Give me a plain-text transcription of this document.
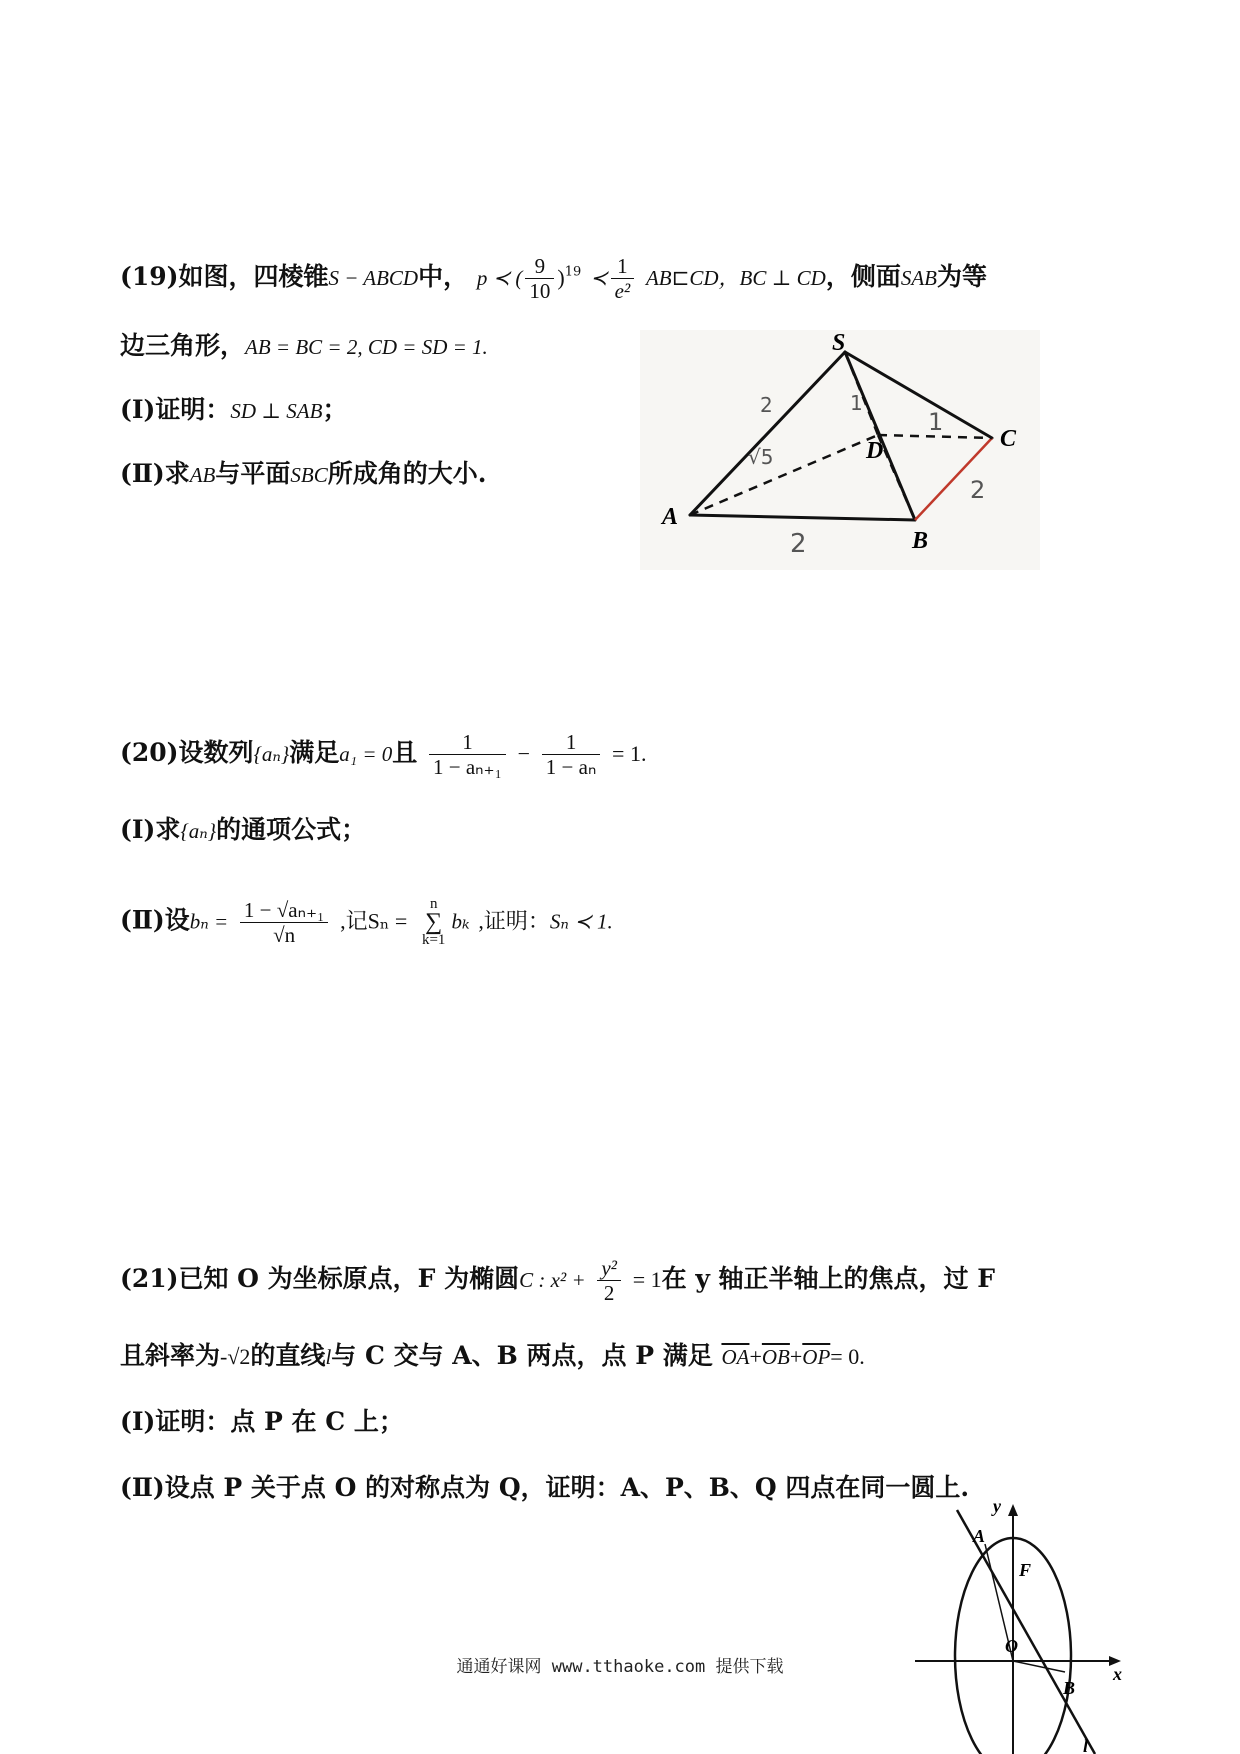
(19)如图，四棱锥S − ABCD中， p ≺ ( $\frac{9}{10} )^{19}$ ≺ $\frac{1}{\text{e²}}$ AB⊏CD，BC ⊥ CD，侧面SAB为等
边三角形，AB = BC = 2, CD = SD = 1.
(Ⅰ)证明：SD ⊥ SAB；
(Ⅱ)求AB与平面SBC所成角的大小.
S
A
B
C
D
2
2
2
1
1
√5
(20)设数列{aₙ}满足a₁ = 0且 $\frac{1}{\text{1 − aₙ₊₁}} - \frac{1}{\text{1 − aₙ}} = 1$.
(Ⅰ)求{aₙ}的通项公式；
(Ⅱ)设$b_n = \frac{\text{1 − √aₙ₊₁}}{√n}$ ,记Sₙ =
n
∑
k=1
bₖ ,证明：Sₙ ≺ 1.
(21)已知 O 为坐标原点，F 为椭圆C : $x^2 + \frac{\text{y²}}{2} = 1$在 y 轴正半轴上的焦点，过 F
且斜率为-√2的直线l与 C 交与 A、B 两点，点 P 满足 $\overline{OA}+\overline{OB}+\overline{OP}= 0$.
(Ⅰ)证明：点 P 在 C 上；
(Ⅱ)设点 P 关于点 O 的对称点为 Q，证明：A、P、B、Q 四点在同一圆上.
y
x
A
F
O
B
l
通通好课网 www.tthaoke.com 提供下载
